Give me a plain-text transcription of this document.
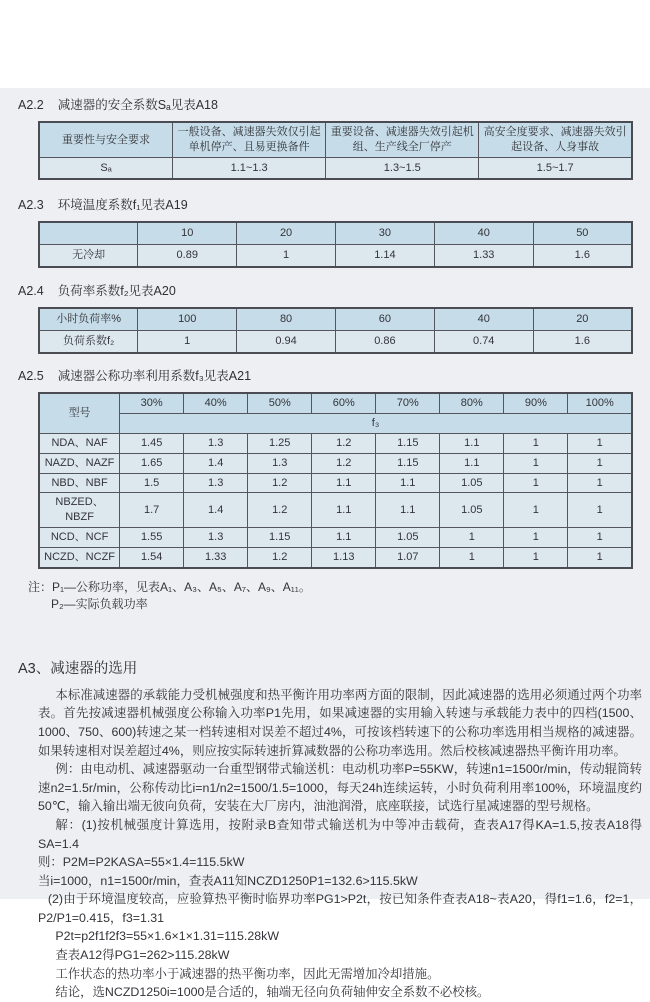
A2.2 减速器的安全系数Sₐ见表A18
重要性与安全要求	一般设备、减速器失效仅引起单机停产、且易更换备件	重要设备、减速器失效引起机组、生产线全厂停产	高安全度要求、减速器失效引起设备、人身事故
Sₐ	1.1~1.3	1.3~1.5	1.5~1.7
A2.3 环境温度系数f₁见表A19
	10	20	30	40	50
无冷却	0.89	1	1.14	1.33	1.6
A2.4 负荷率系数f₂见表A20
小时负荷率%	100	80	60	40	20
负荷系数f₂	1	0.94	0.86	0.74	1.6
A2.5 减速器公称功率利用系数f₃见表A21
型号	30%	40%	50%	60%	70%	80%	90%	100%
	f₃							
NDA、NAF	1.45	1.3	1.25	1.2	1.15	1.1	1	1
NAZD、NAZF	1.65	1.4	1.3	1.2	1.15	1.1	1	1
NBD、NBF	1.5	1.3	1.2	1.1	1.1	1.05	1	1
NBZED、NBZF	1.7	1.4	1.2	1.1	1.1	1.05	1	1
NCD、NCF	1.55	1.3	1.15	1.1	1.05	1	1	1
NCZD、NCZF	1.54	1.33	1.2	1.13	1.07	1	1	1
注：P₁—公称功率，见表A₁、A₃、A₅、A₇、A₉、A₁₁。
P₂—实际负载功率
A3、减速器的选用

本标准减速器的承载能力受机械强度和热平衡许用功率两方面的限制，因此减速器的选用必须通过两个功率表。首先按减速器机械强度公称输入功率P1先用，如果减速器的实用输入转速与承载能力表中的四档(1500、1000、750、600)转速之某一档转速相对误差不超过4%，可按该档转速下的公称功率选用相当规格的减速器。如果转速相对误差超过4%，则应按实际转速折算减数器的公称功率选用。然后校核减速器热平衡许用功率。

例：由电动机、减速器驱动一台重型钢带式输送机：电动机功率P=55KW，转速n1=1500r/min，传动辊筒转速n2=1.5r/min，公称传动比i=n1/n2=1500/1.5=1000，每天24h连续运转，小时负荷利用率100%，环境温度约50℃，输入输出端无彼向负荷，安装在大厂房内，油池润滑，底座联接，试选行星减速器的型号规格。

解：(1)按机械强度计算选用，按附录B查知带式输送机为中等冲击载荷，查表A17得KA=1.5,按表A18得SA=1.4

则：P2M=P2KASA=55×1.4=115.5kW

当i=1000，n1=1500r/min，查表A11知NCZD1250P1=132.6>115.5kW

(2)由于环境温度较高，应验算热平衡时临界功率PG1>P2t，按已知条件查表A18~表A20，得f1=1.6，f2=1，P2/P1=0.415，f3=1.31

P2t=p2f1f2f3=55×1.6×1×1.31=115.28kW

查表A12得PG1=262>115.28kW

工作状态的热功率小于减速器的热平衡功率，因此无需增加冷却措施。

结论，选NCZD1250i=1000是合适的，轴端无径向负荷轴伸安全系数不必校核。
